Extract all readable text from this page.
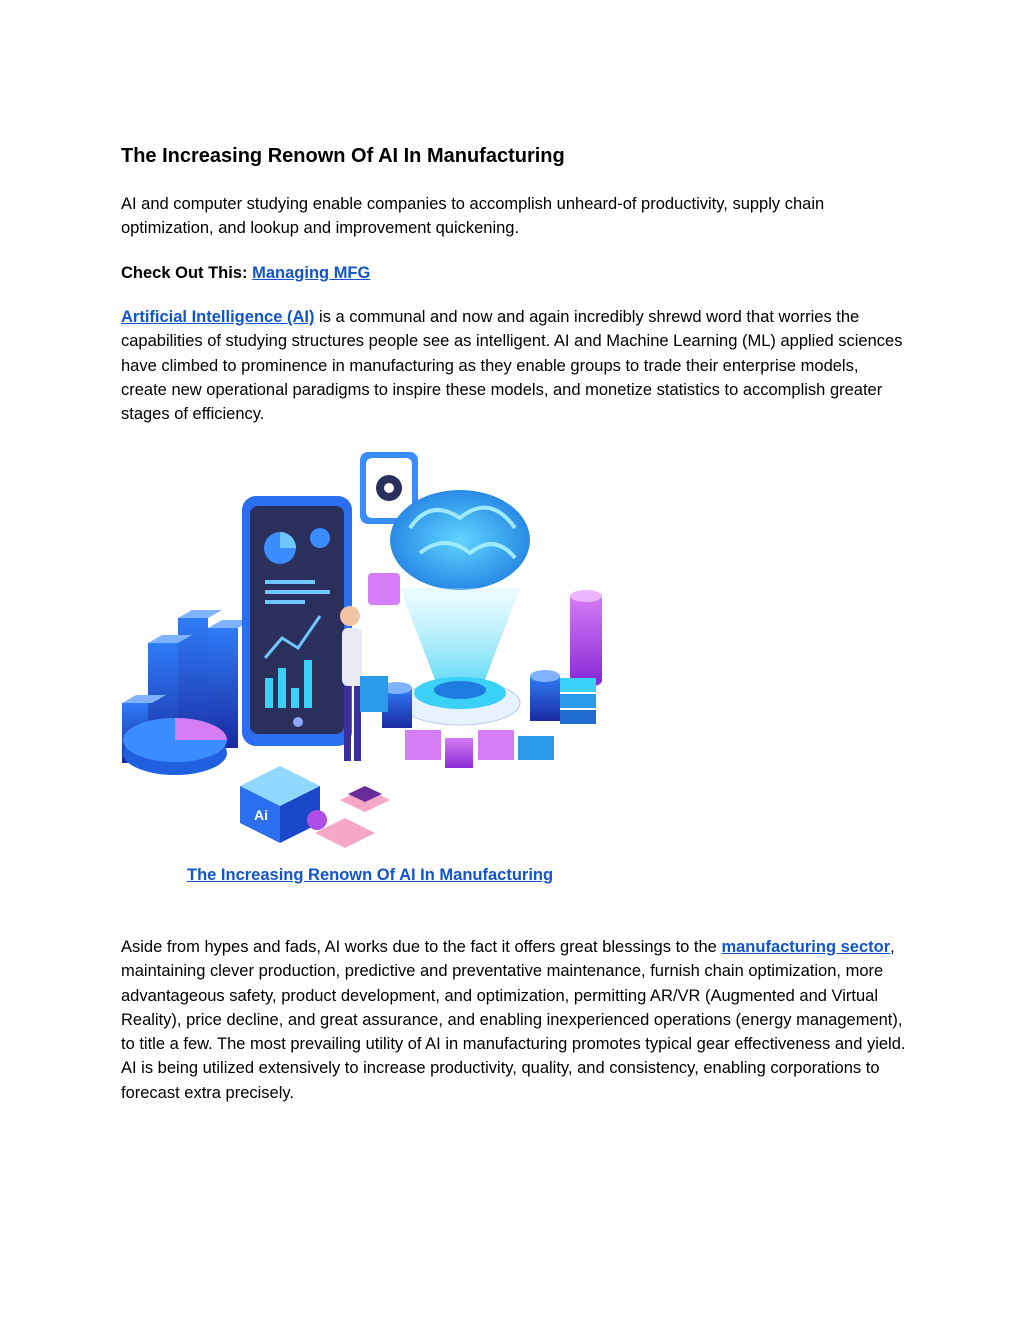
The Increasing Renown Of AI In Manufacturing

AI and computer studying enable companies to accomplish unheard-of productivity, supply chain optimization, and lookup and improvement quickening.

Check Out This: Managing MFG

Artificial Intelligence (AI) is a communal and now and again incredibly shrewd word that worries the capabilities of studying structures people see as intelligent. AI and Machine Learning (ML) applied sciences have climbed to prominence in manufacturing as they enable groups to trade their enterprise models, create new operational paradigms to inspire these models, and monetize statistics to accomplish greater stages of efficiency.

Ai
The Increasing Renown Of AI In Manufacturing

Aside from hypes and fads, AI works due to the fact it offers great blessings to the manufacturing sector, maintaining clever production, predictive and preventative maintenance, furnish chain optimization, more advantageous safety, product development, and optimization, permitting AR/VR (Augmented and Virtual Reality), price decline, and great assurance, and enabling inexperienced operations (energy management), to title a few. The most prevailing utility of AI in manufacturing promotes typical gear effectiveness and yield. AI is being utilized extensively to increase productivity, quality, and consistency, enabling corporations to forecast extra precisely.
